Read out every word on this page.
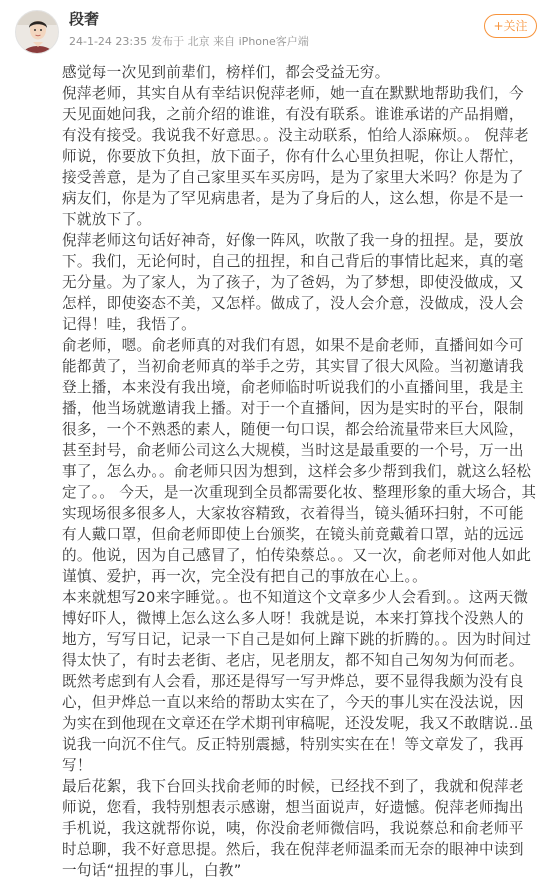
段奢
24-1-24 23:35 发布于 北京 来自 iPhone客户端
+关注

感觉每一次见到前辈们，榜样们，都会受益无穷。

倪萍老师，其实自从有幸结识倪萍老师，她一直在默默地帮助我们，今天见面她问我，之前介绍的谁谁，有没有联系。谁谁承诺的产品捐赠，有没有接受。我说我不好意思。。没主动联系，怕给人添麻烦。。 倪萍老师说，你要放下负担，放下面子，你有什么心里负担呢，你让人帮忙，接受善意，是为了自己家里买车买房吗，是为了家里大米吗？你是为了病友们，你是为了罕见病患者，是为了身后的人，这么想，你是不是一下就放下了。

倪萍老师这句话好神奇，好像一阵风，吹散了我一身的扭捏。是，要放下。我们，无论何时，自己的扭捏，和自己背后的事情比起来，真的毫无分量。为了家人，为了孩子，为了爸妈，为了梦想，即使没做成，又怎样，即使姿态不美，又怎样。做成了，没人会介意，没做成，没人会记得！哇，我悟了。

俞老师，嗯。俞老师真的对我们有恩，如果不是俞老师，直播间如今可能都黄了，当初俞老师真的举手之劳，其实冒了很大风险。当初邀请我登上播，本来没有我出境，俞老师临时听说我们的小直播间里，我是主播，他当场就邀请我上播。对于一个直播间，因为是实时的平台，限制很多，一个不熟悉的素人，随便一句口误，都会给流量带来巨大风险，甚至封号，俞老师公司这么大规模，当时这是最重要的一个号，万一出事了，怎么办。。俞老师只因为想到，这样会多少帮到我们，就这么轻松定了。。 今天，是一次重现到全员都需要化妆、整理形象的重大场合，其实现场很多很多人，大家妆容精致，衣着得当，镜头循环扫射，不可能有人戴口罩，但俞老师即使上台颁奖，在镜头前竟戴着口罩，站的远远的。他说，因为自己感冒了，怕传染蔡总。。又一次，俞老师对他人如此谨慎、爱护，再一次，完全没有把自己的事放在心上。。

本来就想写20来字睡觉。。也不知道这个文章多少人会看到。。这两天微博好吓人，微博上怎么这么多人呀！我就是说，本来打算找个没熟人的地方，写写日记，记录一下自己是如何上蹿下跳的折腾的。。因为时间过得太快了，有时去老街、老店，见老朋友，都不知自己匆匆为何而老。

既然考虑到有人会看，那还是得写一写尹烨总，要不显得我颇为没有良心，但尹烨总一直以来给的帮助太实在了，今天的事儿实在没法说，因为实在到他现在文章还在学术期刊审稿呢，还没发呢，我又不敢瞎说..虽说我一向沉不住气。反正特别震撼，特别实实在在！等文章发了，我再写！

最后花絮，我下台回头找俞老师的时候，已经找不到了，我就和倪萍老师说，您看，我特别想表示感谢，想当面说声，好遗憾。倪萍老师掏出手机说，我这就帮你说，咦，你没俞老师微信吗，我说蔡总和俞老师平时总聊，我不好意思提。然后，我在倪萍老师温柔而无奈的眼神中读到一句话“扭捏的事儿，白教”
